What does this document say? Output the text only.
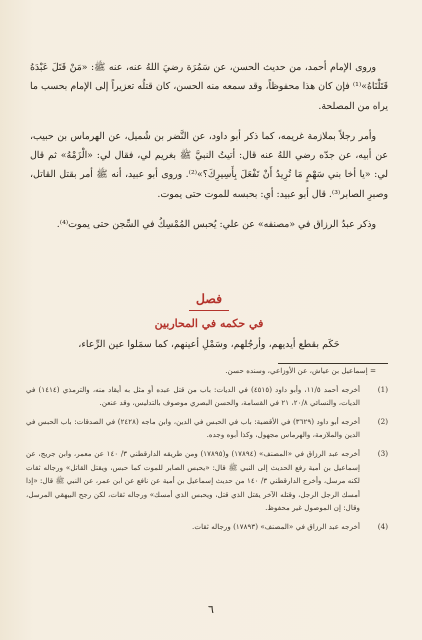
وروى الإمام أحمد، من حديث الحسن، عن سَمُرَة رضيَ اللهُ عنه، عنه ﷺ: «مَنْ قَتَلَ عَبْدَهُ قَتَلْنَاهُ»⁽¹⁾ فإن كان هذا محفوظاً، وقد سمعه منه الحسن، كان قتلُه تعزيراً إلى الإمام بحسب ما يراه من المصلحة.

وأمر رجلاً بملازمة غريمه، كما ذكر أبو داود، عن النَّضر بن شُميل، عن الهرماس بن حبيب، عن أبيه، عن جدّه رضي اللهُ عنه قال: أتيتُ النبيَّ ﷺ بغريم لي، فقال لي: «الْزَمْهُ» ثم قال لي: «يا أخا بني سَهْمٍ مَا تُرِيدُ أَنْ تَفْعَلَ بِأَسِيرِكَ؟»⁽²⁾. وروى أبو عبيد، أنه ﷺ أمر بقتل القاتل، وصبرِ الصابر⁽³⁾. قال أبو عبيد: أي: بحبسه للموت حتى يموت.

وذكر عبدُ الرزاق في «مصنفه» عن علي: يُحبس المُمْسِكُ في السِّجن حتى يموت⁽⁴⁾.

فصل
في حكمه في المحاربين
حَكَم بقطع أيديهم، وأرجُلهم، وسَمْلِ أعينهم، كما سمَلوا عين الرِّعاء،
= إسماعيل بن عياش، عن الأوزاعي، وسنده حسن.
(1)
أخرجه أحمد ١١/٥، وأبو داود (٤٥١٥) في الديات: باب من قتل عبده أو مثل به أيقاد منه، والترمذي (١٤١٤) في الديات، والنسائي ٢٠/٨، ٢١ في القسامة، والحسن البصري موصوف بالتدليس، وقد عنعن.
(2)
أخرجه أبو داود (٣٦٢٩) في الأقضية: باب في الحبس في الدين، وابن ماجه (٢٤٢٨) في الصدقات: باب الحبس في الدين والملازمة، والهرماس مجهول، وكذا أبوه وجده.
(3)
أخرجه عبد الرزاق في «المصنف» (١٧٨٩٤) و(١٧٨٩٥) ومن طريقه الدارقطني ٣/ ١٤٠ عن معمر، وابن جريج، عن إسماعيل بن أمية رفع الحديث إلى النبي ﷺ قال: «يحبس الصابر للموت كما حبس، ويقتل القاتل» ورجاله ثقات لكنه مرسل، وأخرج الدارقطني ٣/ ١٤٠ من حديث إسماعيل بن أمية عن نافع عن ابن عمر، عن النبي ﷺ قال: «إذا أمسك الرجل الرجل، وقتله الآخر يقتل الذي قتل، ويحبس الذي أمسك» ورجاله ثقات، لكن رجح البيهقي المرسل، وقال: إن الموصول غير محفوظ.
(4)
أخرجه عبد الرزاق في «المصنف» (١٧٨٩٣) ورجاله ثقات.
٦
